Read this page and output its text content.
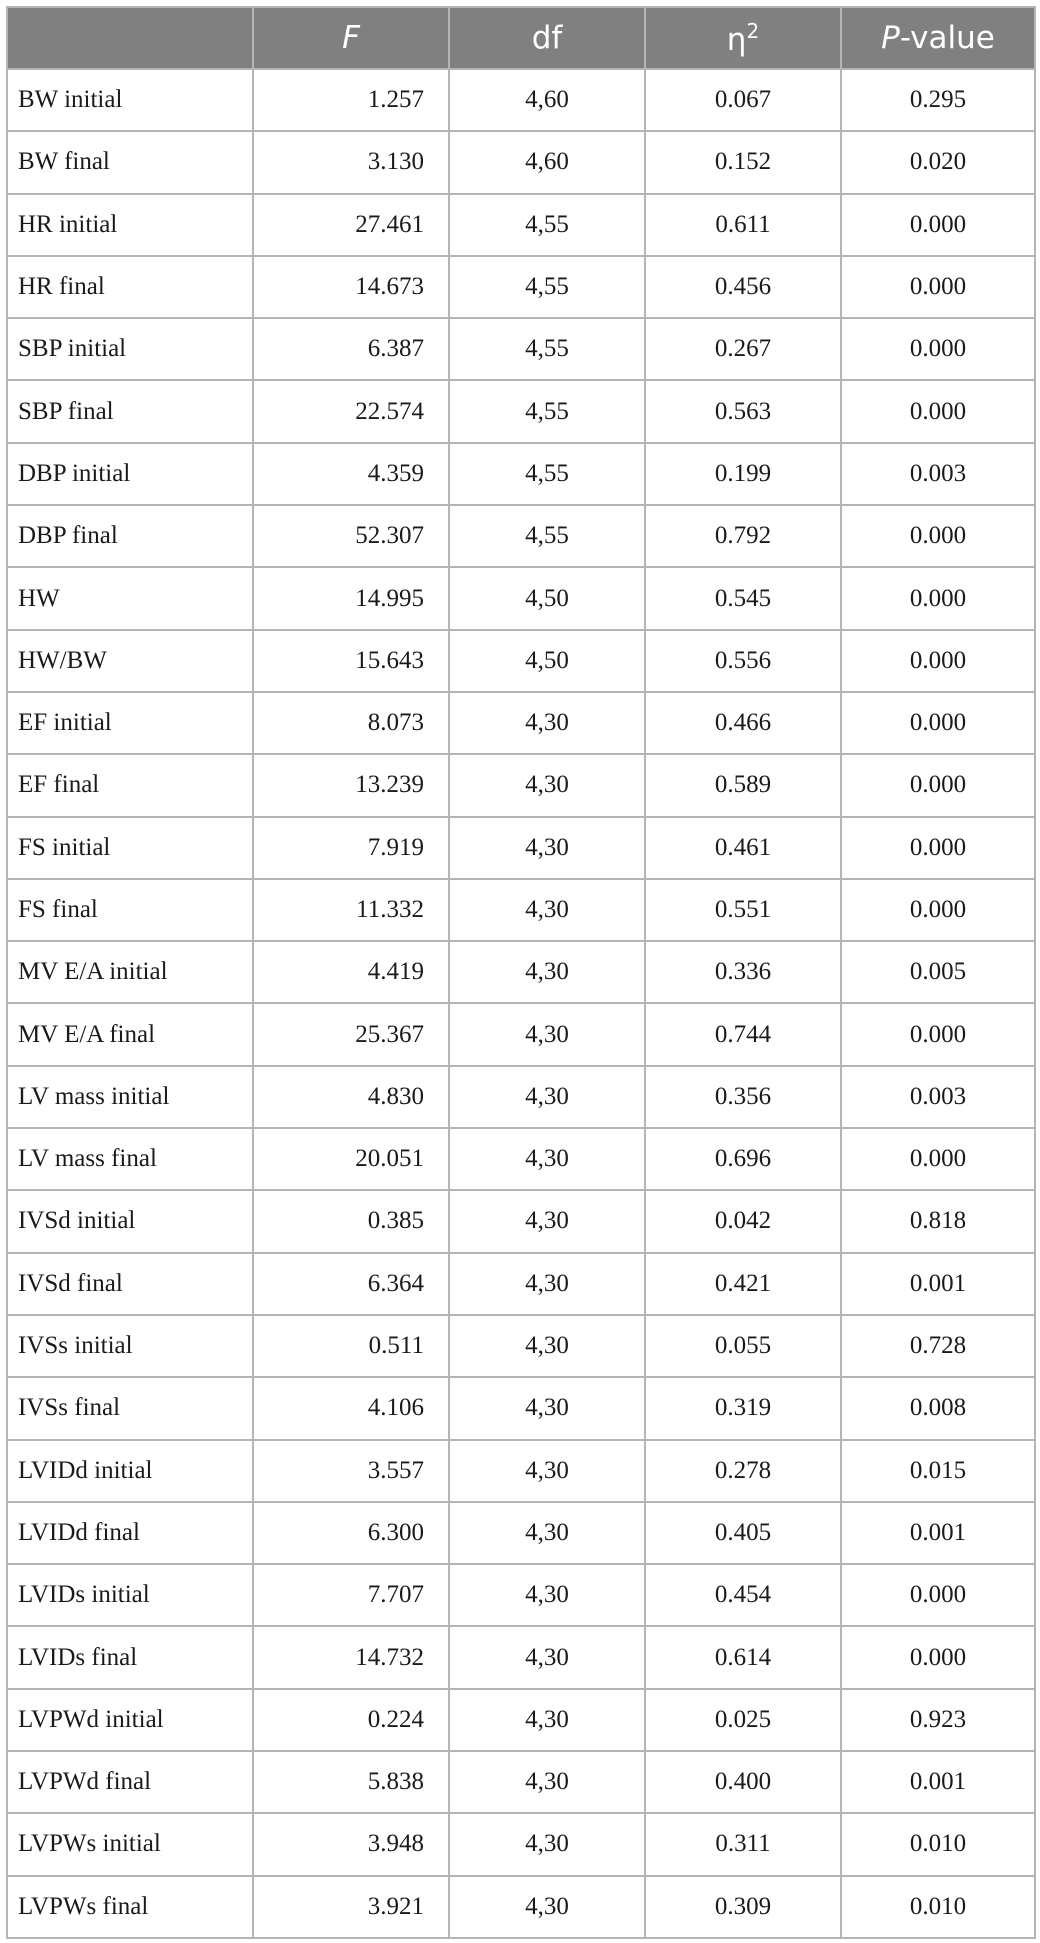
	F	df	$\eta^2$	P-value
BW initial	1.257	4,60	0.067	0.295
BW final	3.130	4,60	0.152	0.020
HR initial	27.461	4,55	0.611	0.000
HR final	14.673	4,55	0.456	0.000
SBP initial	6.387	4,55	0.267	0.000
SBP final	22.574	4,55	0.563	0.000
DBP initial	4.359	4,55	0.199	0.003
DBP final	52.307	4,55	0.792	0.000
HW	14.995	4,50	0.545	0.000
HW/BW	15.643	4,50	0.556	0.000
EF initial	8.073	4,30	0.466	0.000
EF final	13.239	4,30	0.589	0.000
FS initial	7.919	4,30	0.461	0.000
FS final	11.332	4,30	0.551	0.000
MV E/A initial	4.419	4,30	0.336	0.005
MV E/A final	25.367	4,30	0.744	0.000
LV mass initial	4.830	4,30	0.356	0.003
LV mass final	20.051	4,30	0.696	0.000
IVSd initial	0.385	4,30	0.042	0.818
IVSd final	6.364	4,30	0.421	0.001
IVSs initial	0.511	4,30	0.055	0.728
IVSs final	4.106	4,30	0.319	0.008
LVIDd initial	3.557	4,30	0.278	0.015
LVIDd final	6.300	4,30	0.405	0.001
LVIDs initial	7.707	4,30	0.454	0.000
LVIDs final	14.732	4,30	0.614	0.000
LVPWd initial	0.224	4,30	0.025	0.923
LVPWd final	5.838	4,30	0.400	0.001
LVPWs initial	3.948	4,30	0.311	0.010
LVPWs final	3.921	4,30	0.309	0.010
